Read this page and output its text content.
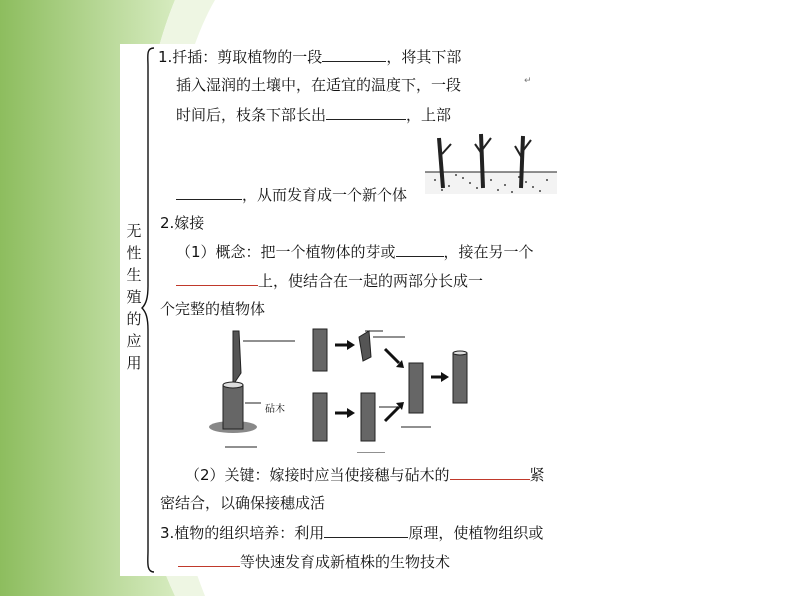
无
性
生
殖
的
应
用
1.扦插：剪取植物的一段	，将其下部
插入湿润的土壤中，在适宜的温度下，一段	↵
时间后，枝条下部长出	，上部
，从而发育成一个新个体
2.嫁接
（1）概念：把一个植物体的芽或	，接在另一个
上，使结合在一起的两部分长成一
个完整的植物体
砧木
（2）关键：嫁接时应当使接穗与砧木的	紧
密结合，以确保接穗成活
3.植物的组织培养：利用	原理，使植物组织或
等快速发育成新植株的生物技术
